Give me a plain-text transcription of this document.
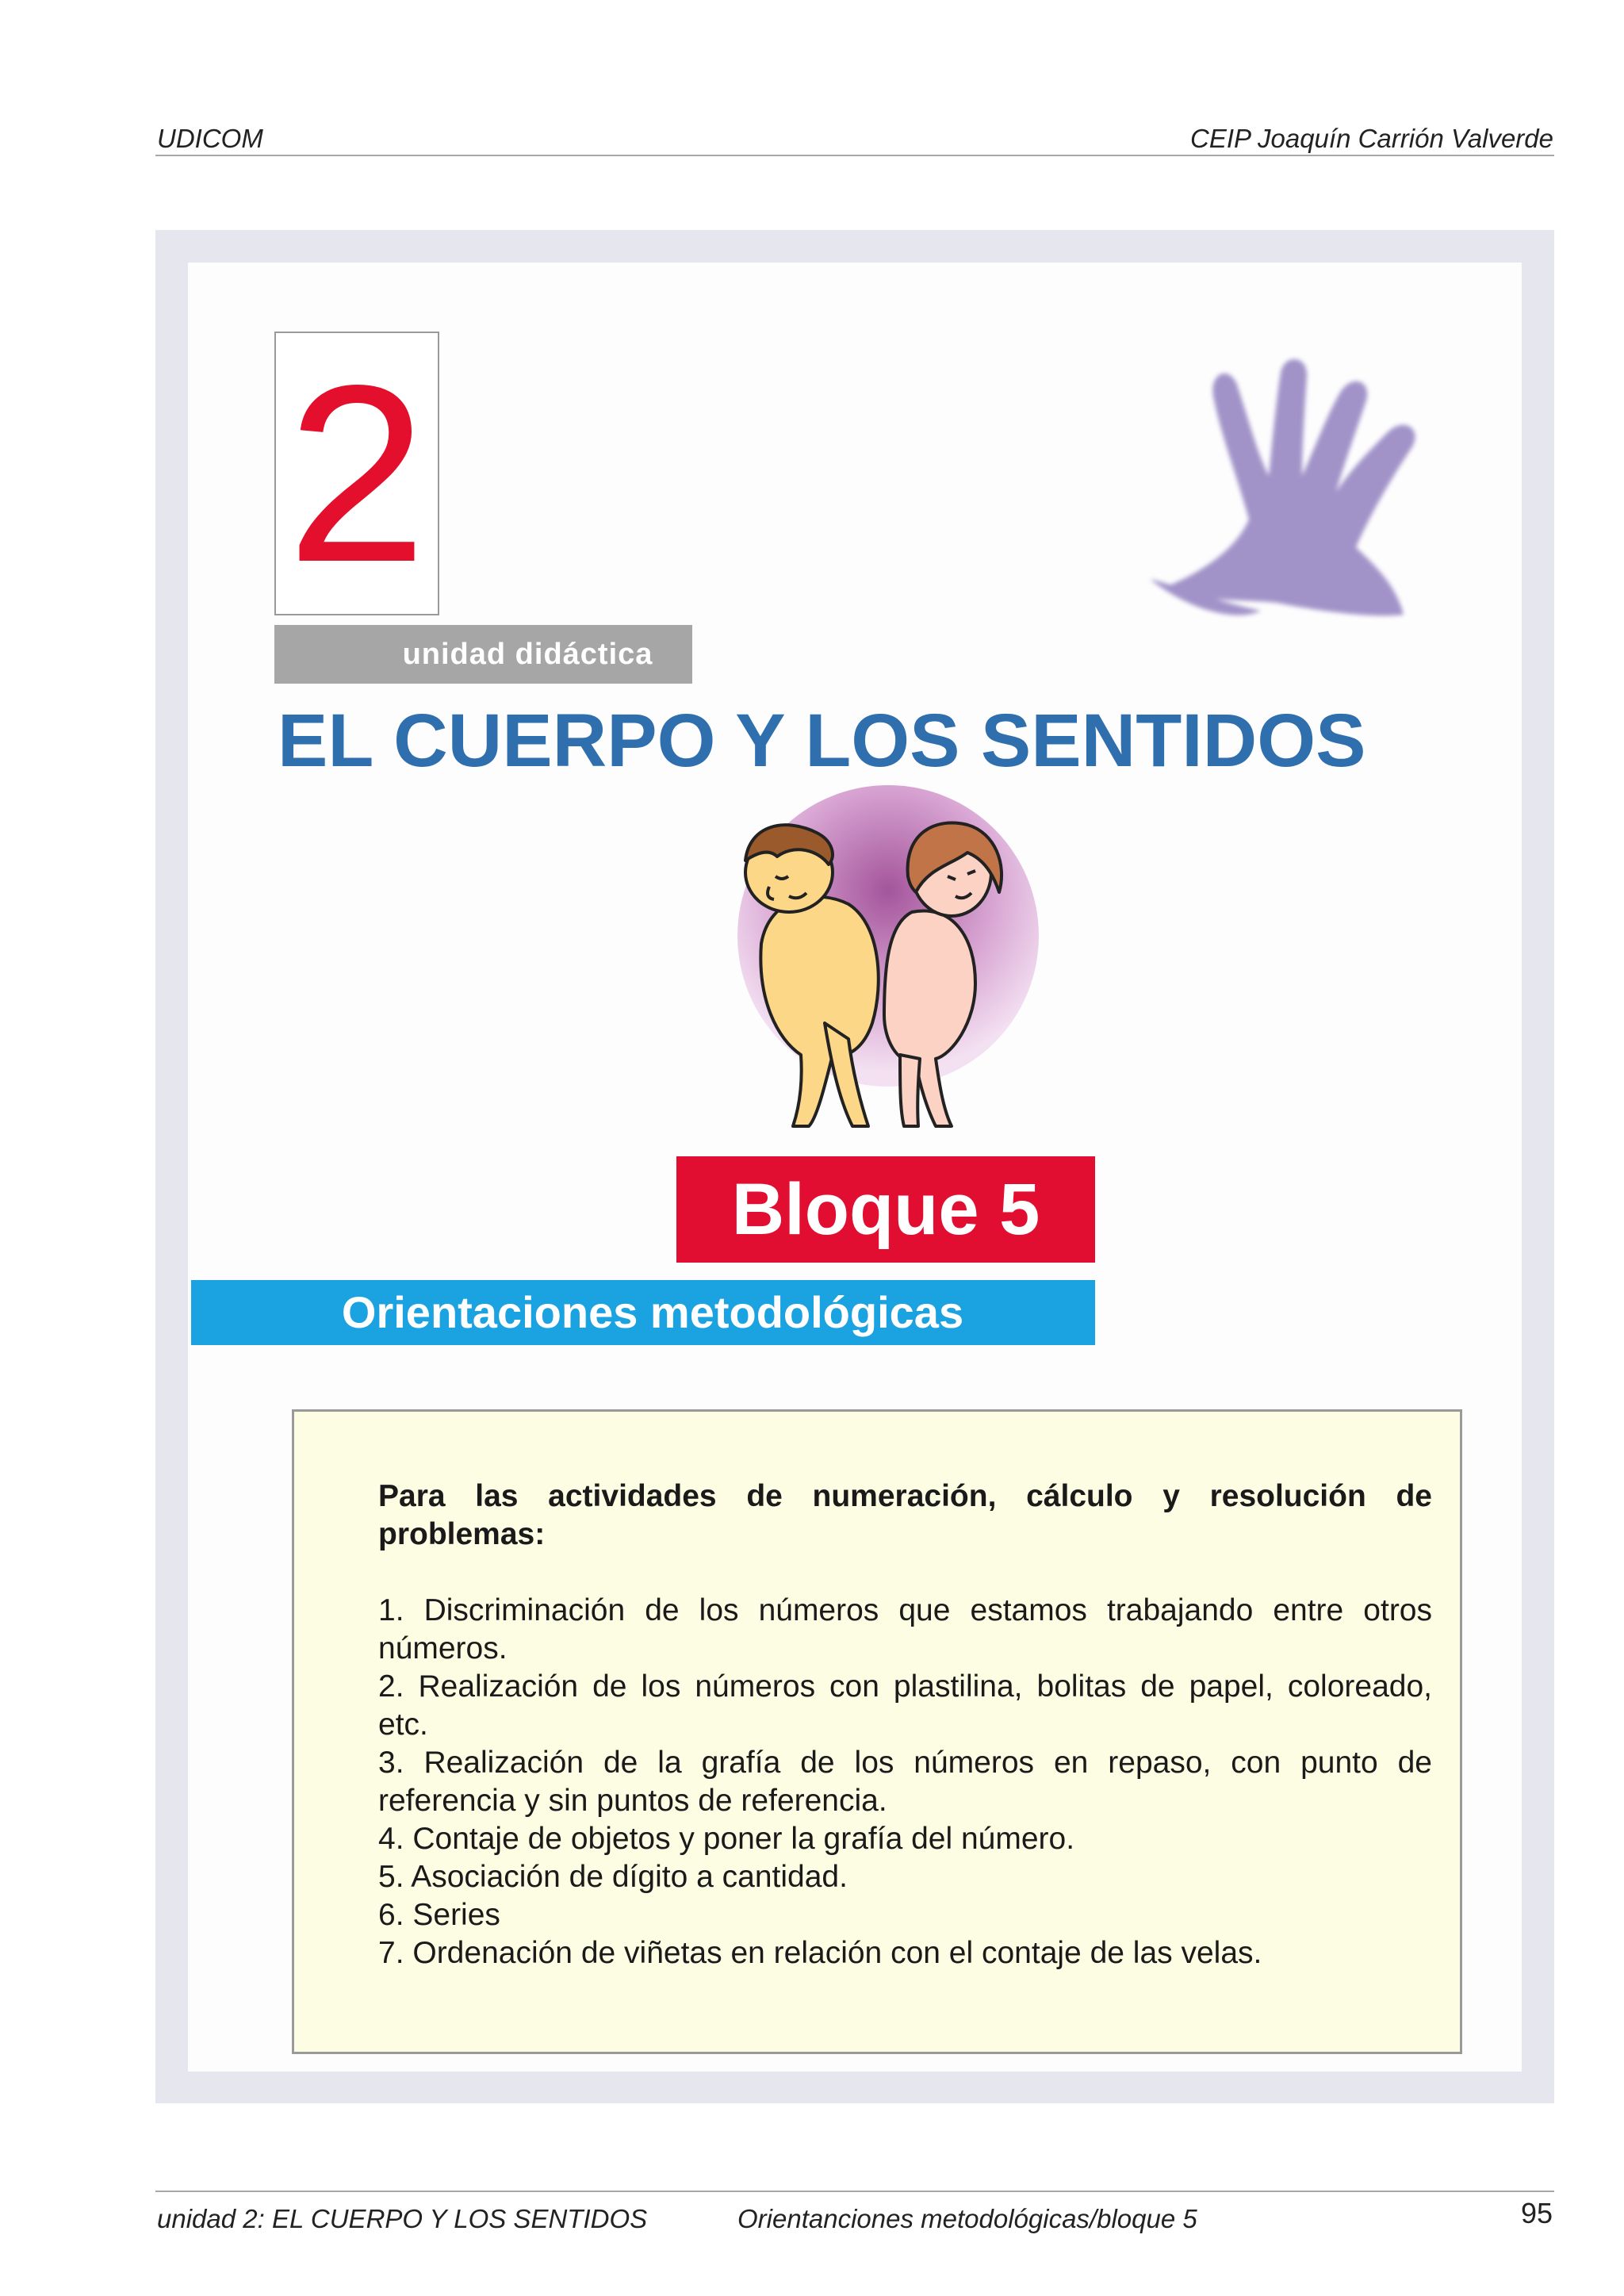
UDICOM	CEIP Joaquín Carrión Valverde
2
unidad didáctica
EL CUERPO Y LOS SENTIDOS
Bloque 5
Orientaciones metodológicas

Para las actividades de numeración, cálculo y resolución de problemas:

1. Discriminación de los números que estamos trabajando entre otros números.
2. Realización de los números con plastilina, bolitas de papel, coloreado, etc.
3. Realización de la grafía de los números en repaso, con punto de referencia y sin puntos de referencia.
4. Contaje de objetos y poner la grafía del número.
5. Asociación de dígito a cantidad.
6. Series
7. Ordenación de viñetas en relación con el contaje de las velas.
unidad 2: EL CUERPO Y LOS SENTIDOS	Orientanciones metodológicas/bloque 5	95
